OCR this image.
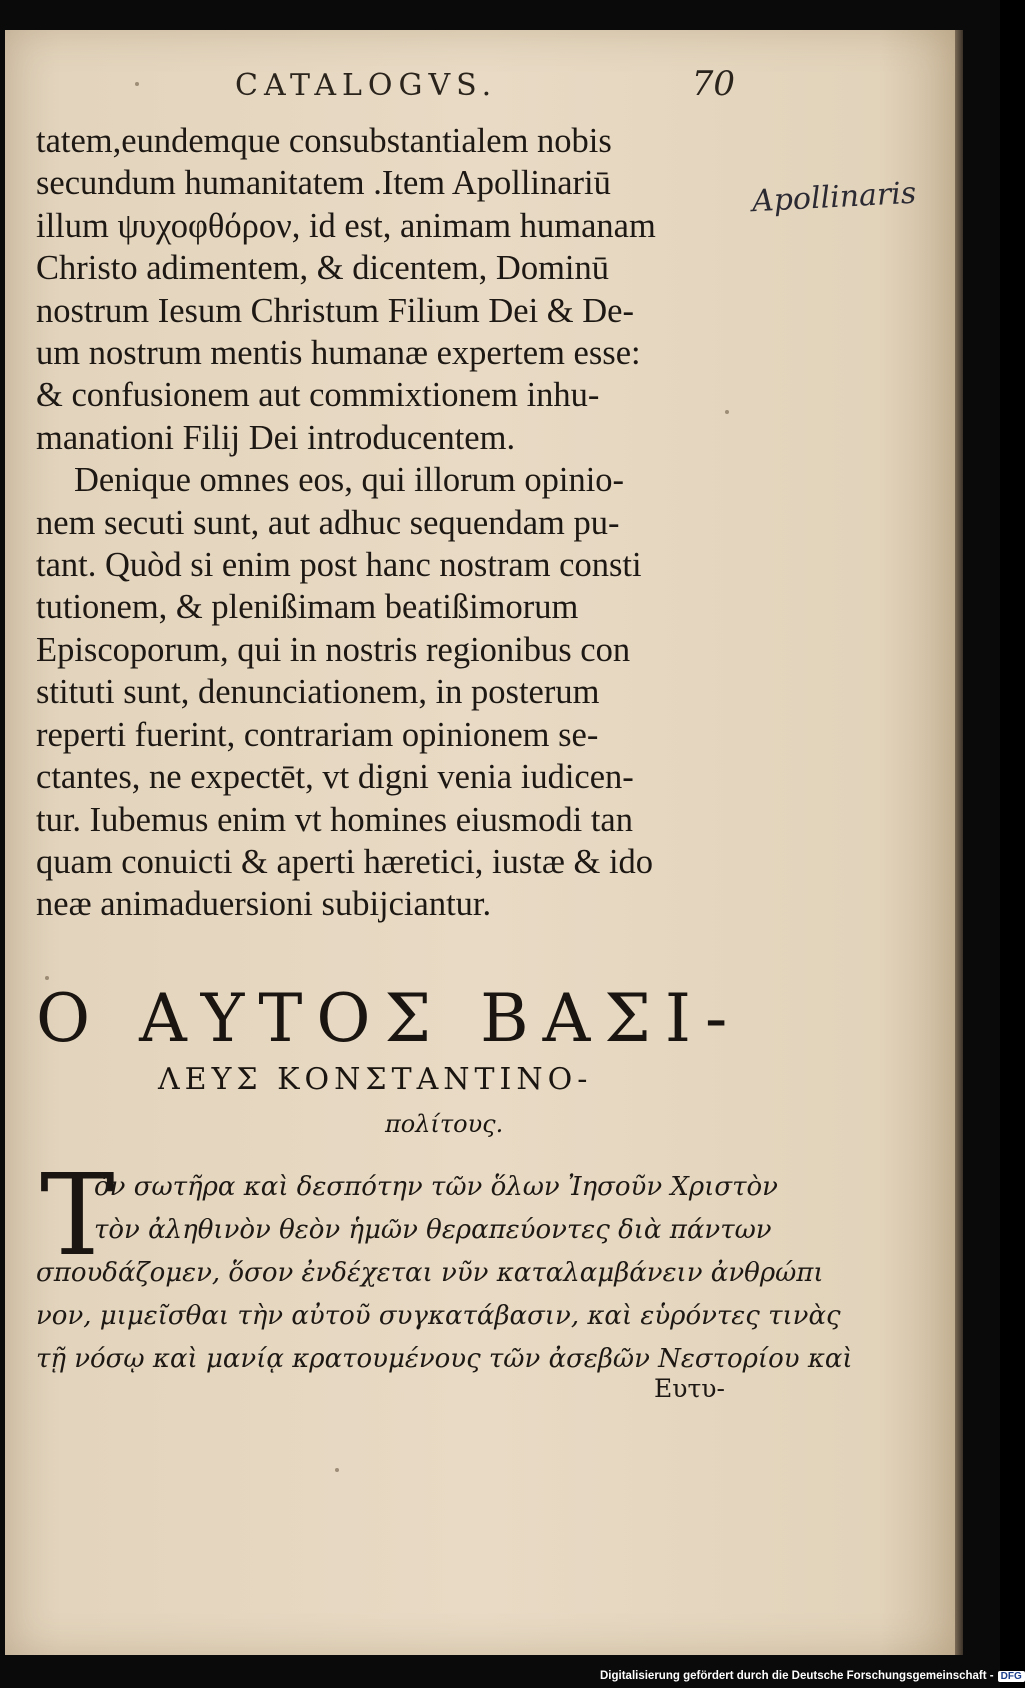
CATALOGVS.	70
Apollinaris
tatem,eundemque consubstantialem nobis
secundum humanitatem .Item Apollinariū
illum ψυχοφθόρον, id est, animam humanam
Christo adimentem, & dicentem, Dominū
nostrum Iesum Christum Filium Dei & De-
um nostrum mentis humanæ expertem esse:
& confusionem aut commixtionem inhu-
manationi Filij Dei introducentem.
Denique omnes eos, qui illorum opinio-
nem secuti sunt, aut adhuc sequendam pu-
tant. Quòd si enim post hanc nostram consti
tutionem, & plenißimam beatißimorum
Episcoporum, qui in nostris regionibus con
stituti sunt, denunciationem, in posterum
reperti fuerint, contrariam opinionem se-
ctantes, ne expectēt, vt digni venia iudicen-
tur. Iubemus enim vt homines eiusmodi tan
quam conuicti & aperti hæretici, iustæ & ido
neæ animaduersioni subijciantur.
Ο ΑΥΤΟΣ ΒΑΣΙ-
ΛΕΥΣ ΚΟΝΣΤΑΝΤΙΝΟ-
πολίτους.
T
ὸν σωτῆρα καὶ δεσπότην τῶν ὅλων Ἰησοῦν Χριστὸν
τὸν ἀληθινὸν θεὸν ἡμῶν θεραπεύοντες διὰ πάντων
σπουδάζομεν, ὅσον ἐνδέχεται νῦν καταλαμβάνειν ἀνθρώπι
νον, μιμεῖσθαι τὴν αὐτοῦ συγκατάβασιν, καὶ εὑρόντες τινὰς
τῇ νόσῳ καὶ μανίᾳ κρατουμένους τῶν ἀσεβῶν Νεστορίου καὶ
Ευτυ-
Digitalisierung gefördert durch die Deutsche Forschungsgemeinschaft - DFG
